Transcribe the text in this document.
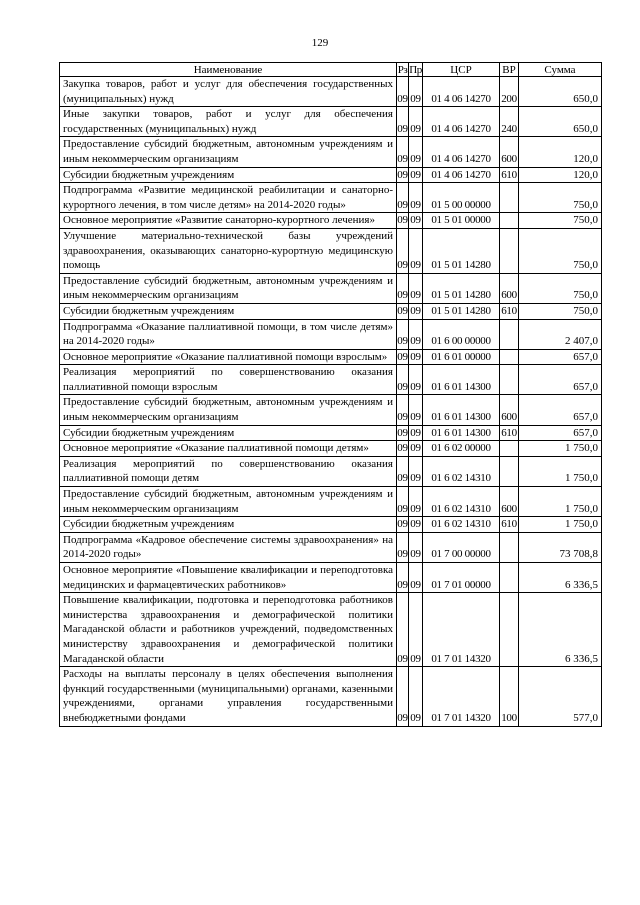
129
Наименование	Рз	Пр	ЦСР	ВР	Сумма
Закупка товаров, работ и услуг для обеспечения государственных (муниципальных) нужд	09	09	01 4 06 14270	200	650,0
Иные закупки товаров, работ и услуг для обеспечения государственных (муниципальных) нужд	09	09	01 4 06 14270	240	650,0
Предоставление субсидий бюджетным, автономным учреждениям и иным некоммерческим организациям	09	09	01 4 06 14270	600	120,0
Субсидии бюджетным учреждениям	09	09	01 4 06 14270	610	120,0
Подпрограмма «Развитие медицинской реабилитации и санаторно-курортного лечения, в том числе детям» на 2014-2020 годы»	09	09	01 5 00 00000		750,0
Основное мероприятие «Развитие санаторно-курортного лечения»	09	09	01 5 01 00000		750,0
Улучшение материально-технической базы учреждений здравоохранения, оказывающих санаторно-курортную медицинскую помощь	09	09	01 5 01 14280		750,0
Предоставление субсидий бюджетным, автономным учреждениям и иным некоммерческим организациям	09	09	01 5 01 14280	600	750,0
Субсидии бюджетным учреждениям	09	09	01 5 01 14280	610	750,0
Подпрограмма «Оказание паллиативной помощи, в том числе детям» на 2014-2020 годы»	09	09	01 6 00 00000		2 407,0
Основное мероприятие «Оказание паллиативной помощи взрослым»	09	09	01 6 01 00000		657,0
Реализация мероприятий по совершенствованию оказания паллиативной помощи взрослым	09	09	01 6 01 14300		657,0
Предоставление субсидий бюджетным, автономным учреждениям и иным некоммерческим организациям	09	09	01 6 01 14300	600	657,0
Субсидии бюджетным учреждениям	09	09	01 6 01 14300	610	657,0
Основное мероприятие «Оказание паллиативной помощи детям»	09	09	01 6 02 00000		1 750,0
Реализация мероприятий по совершенствованию оказания паллиативной помощи детям	09	09	01 6 02 14310		1 750,0
Предоставление субсидий бюджетным, автономным учреждениям и иным некоммерческим организациям	09	09	01 6 02 14310	600	1 750,0
Субсидии бюджетным учреждениям	09	09	01 6 02 14310	610	1 750,0
Подпрограмма «Кадровое обеспечение системы здравоохранения» на 2014-2020 годы»	09	09	01 7 00 00000		73 708,8
Основное мероприятие «Повышение квалификации и переподготовка медицинских и фармацевтических работников»	09	09	01 7 01 00000		6 336,5
Повышение квалификации, подготовка и переподготовка работников министерства здравоохранения и демографической политики Магаданской области и работников учреждений, подведомственных министерству здравоохранения и демографической политики Магаданской области	09	09	01 7 01 14320		6 336,5
Расходы на выплаты персоналу в целях обеспечения выполнения функций государственными (муниципальными) органами, казенными учреждениями, органами управления государственными внебюджетными фондами	09	09	01 7 01 14320	100	577,0
